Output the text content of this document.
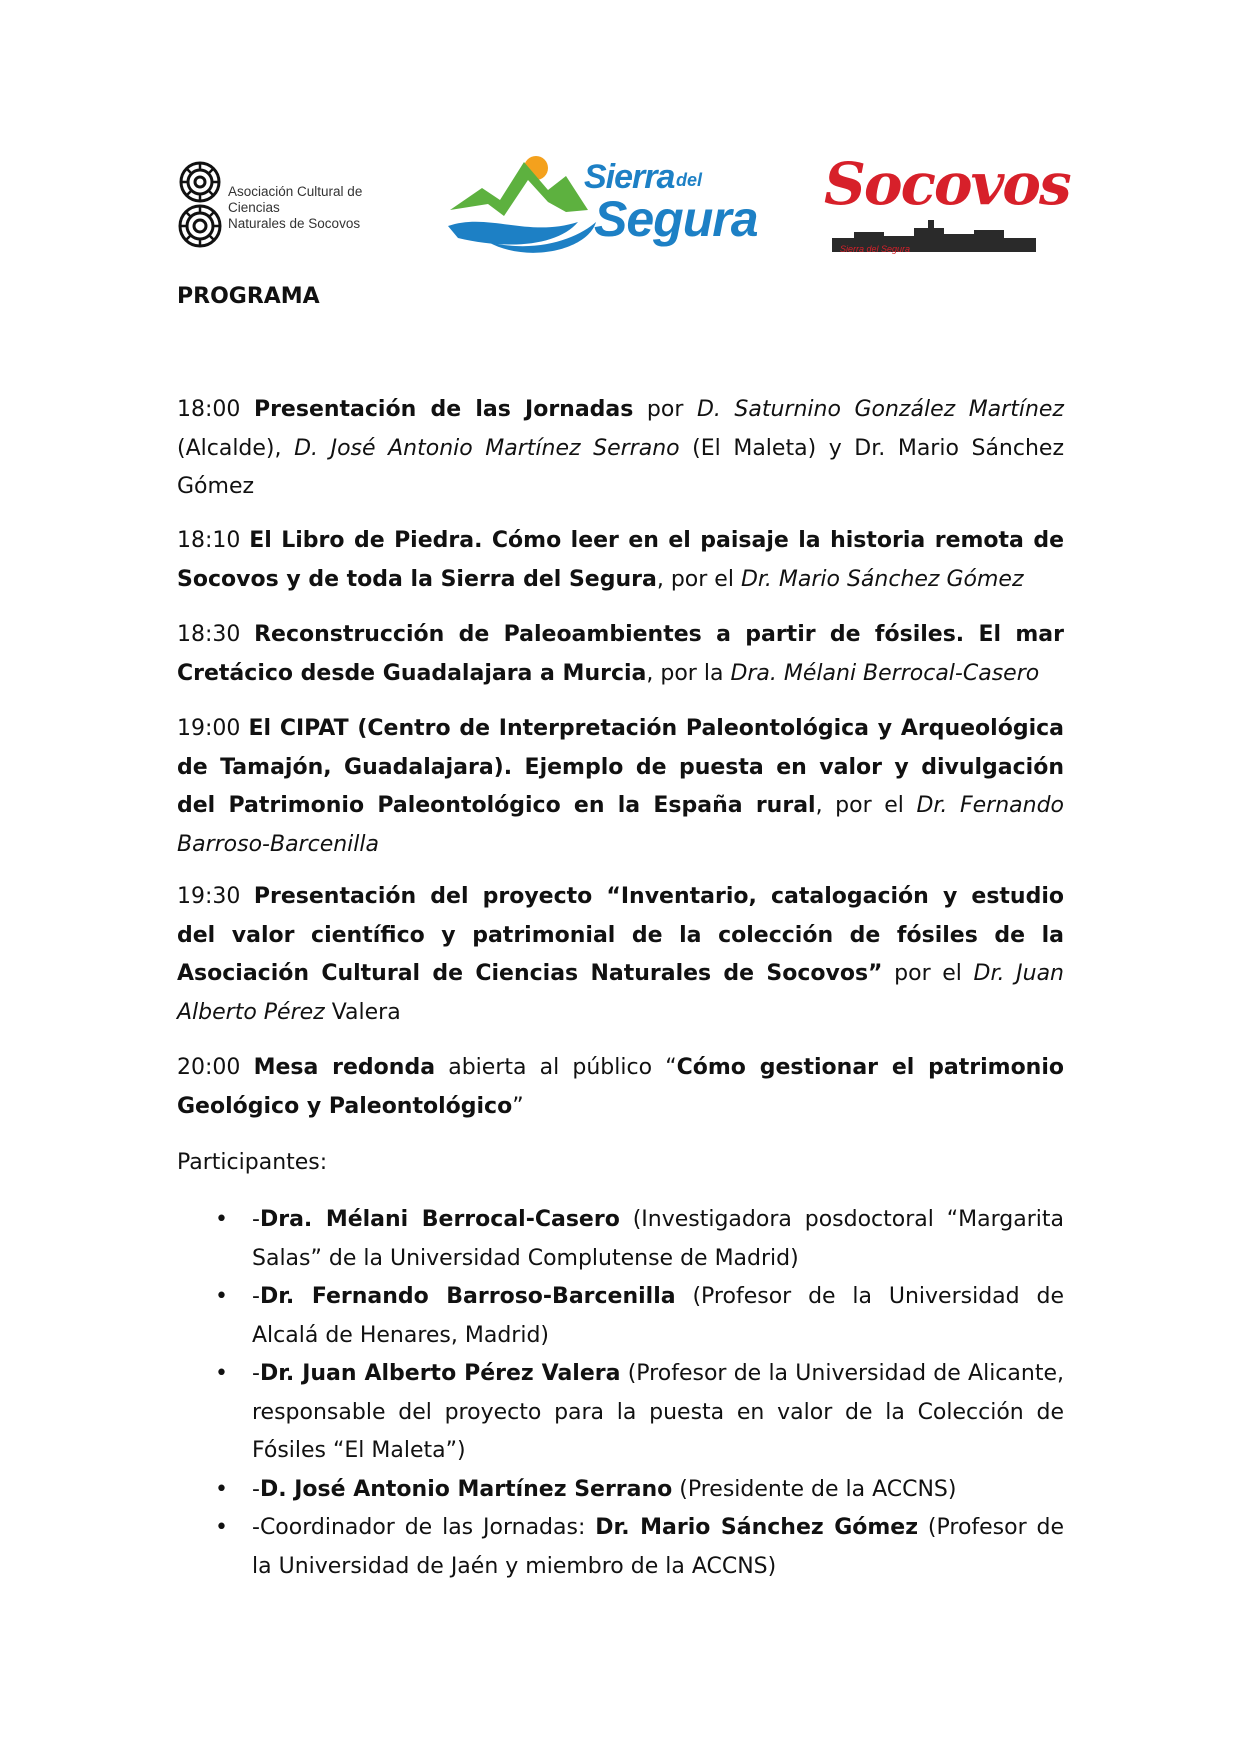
Asociación Cultural de Ciencias
Naturales de Socovos
Sierra del
Segura
Socovos
Sierra del Segura
PROGRAMA

18:00 Presentación de las Jornadas por D. Saturnino González Martínez (Alcalde), D. José Antonio Martínez Serrano (El Maleta) y Dr. Mario Sánchez Gómez

18:10 El Libro de Piedra. Cómo leer en el paisaje la historia remota de Socovos y de toda la Sierra del Segura, por el Dr. Mario Sánchez Gómez

18:30 Reconstrucción de Paleoambientes a partir de fósiles. El mar Cretácico desde Guadalajara a Murcia, por la Dra. Mélani Berrocal-Casero

19:00 El CIPAT (Centro de Interpretación Paleontológica y Arqueológica de Tamajón, Guadalajara). Ejemplo de puesta en valor y divulgación del Patrimonio Paleontológico en la España rural, por el Dr. Fernando Barroso-Barcenilla

19:30 Presentación del proyecto “Inventario, catalogación y estudio del valor científico y patrimonial de la colección de fósiles de la Asociación Cultural de Ciencias Naturales de Socovos” por el Dr. Juan Alberto Pérez Valera

20:00 Mesa redonda abierta al público “Cómo gestionar el patrimonio Geológico y Paleontológico”

Participantes:

• -Dra. Mélani Berrocal-Casero (Investigadora posdoctoral “Margarita Salas” de la Universidad Complutense de Madrid)
• -Dr. Fernando Barroso-Barcenilla (Profesor de la Universidad de Alcalá de Henares, Madrid)
• -Dr. Juan Alberto Pérez Valera (Profesor de la Universidad de Alicante, responsable del proyecto para la puesta en valor de la Colección de Fósiles “El Maleta”)
• -D. José Antonio Martínez Serrano (Presidente de la ACCNS)
• -Coordinador de las Jornadas: Dr. Mario Sánchez Gómez (Profesor de la Universidad de Jaén y miembro de la ACCNS)
